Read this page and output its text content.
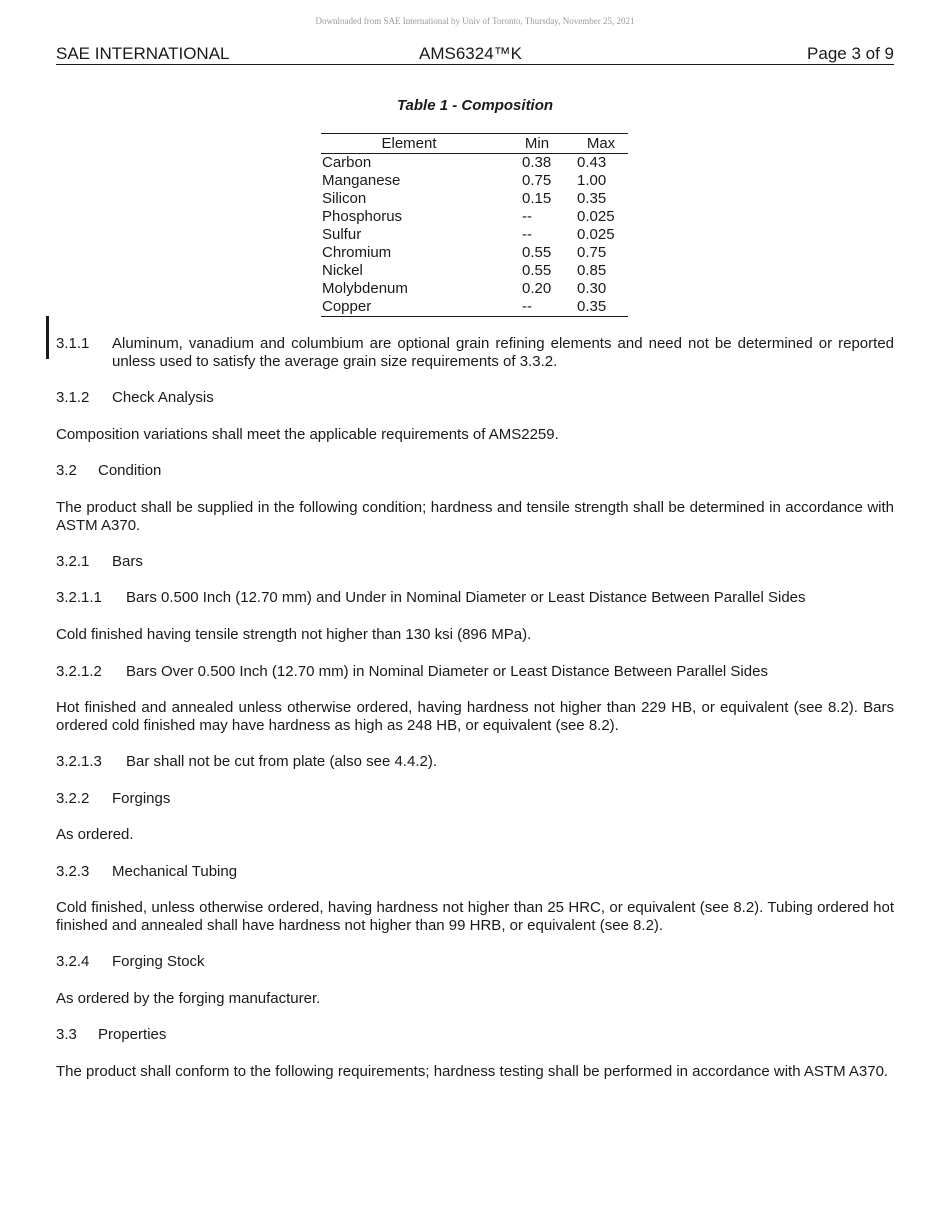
Downloaded from SAE International by Univ of Toronto, Thursday, November 25, 2021
SAE INTERNATIONAL	AMS6324™K	Page 3 of 9
Table 1 - Composition
Element	Min	Max
Carbon	0.38 0.43
Manganese	0.75 1.00
Silicon	0.15 0.35
Phosphorus	--	0.025
Sulfur	--	0.025
Chromium	0.55 0.75
Nickel	0.55 0.85
Molybdenum	0.20 0.30
Copper	--	0.35
3.1.1 Aluminum, vanadium and columbium are optional grain refining elements and need not be determined or reported unless used to satisfy the average grain size requirements of 3.3.2.
3.1.2 Check Analysis
Composition variations shall meet the applicable requirements of AMS2259.
3.2 Condition
The product shall be supplied in the following condition; hardness and tensile strength shall be determined in accordance with ASTM A370.
3.2.1 Bars
3.2.1.1 Bars 0.500 Inch (12.70 mm) and Under in Nominal Diameter or Least Distance Between Parallel Sides
Cold finished having tensile strength not higher than 130 ksi (896 MPa).
3.2.1.2 Bars Over 0.500 Inch (12.70 mm) in Nominal Diameter or Least Distance Between Parallel Sides
Hot finished and annealed unless otherwise ordered, having hardness not higher than 229 HB, or equivalent (see 8.2). Bars ordered cold finished may have hardness as high as 248 HB, or equivalent (see 8.2).
3.2.1.3 Bar shall not be cut from plate (also see 4.4.2).
3.2.2 Forgings
As ordered.
3.2.3 Mechanical Tubing
Cold finished, unless otherwise ordered, having hardness not higher than 25 HRC, or equivalent (see 8.2). Tubing ordered hot finished and annealed shall have hardness not higher than 99 HRB, or equivalent (see 8.2).
3.2.4 Forging Stock
As ordered by the forging manufacturer.
3.3 Properties
The product shall conform to the following requirements; hardness testing shall be performed in accordance with ASTM A370.
